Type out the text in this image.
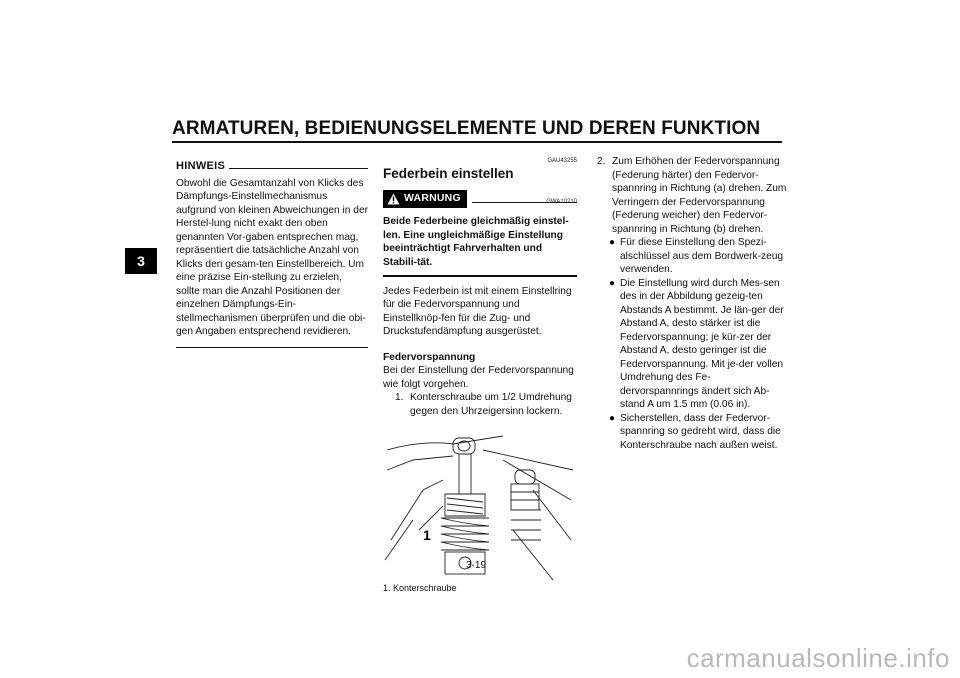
ARMATUREN, BEDIENUNGSELEMENTE UND DEREN FUNKTION
3
HINWEIS

Obwohl die Gesamtanzahl von Klicks des Dämpfungs-Einstellmechanismus aufgrund von kleinen Abweichungen in der Herstel-lung nicht exakt den oben genannten Vor-gaben entsprechen mag, repräsentiert die tatsächliche Anzahl von Klicks den gesam-ten Einstellbereich. Um eine präzise Ein-stellung zu erzielen, sollte man die Anzahl Positionen der einzelnen Dämpfungs-Ein-stellmechanismen überprüfen und die obi-gen Angaben entsprechend revidieren.

GAU43255
Federbein einstellen
WARNUNG	GWA10210

Beide Federbeine gleichmäßig einstel-len. Eine ungleichmäßige Einstellung beeinträchtigt Fahrverhalten und Stabili-tät.

Jedes Federbein ist mit einem Einstellring für die Federvorspannung und Einstellknöp-fen für die Zug- und Druckstufendämpfung ausgerüstet.

Federvorspannung

Bei der Einstellung der Federvorspannung wie folgt vorgehen.

1. Konterschraube um 1/2 Umdrehung gegen den Uhrzeigersinn lockern.
1
1. Konterschraube
2. Zum Erhöhen der Federvorspannung (Federung härter) den Federvor-spannring in Richtung (a) drehen. Zum Verringern der Federvorspannung (Federung weicher) den Federvor-spannring in Richtung (b) drehen.
● Für diese Einstellung den Spezi-alschlüssel aus dem Bordwerk-zeug verwenden.
● Die Einstellung wird durch Mes-sen des in der Abbildung gezeig-ten Abstands A bestimmt. Je län-ger der Abstand A, desto stärker ist die Federvorspannung; je kür-zer der Abstand A, desto geringer ist die Federvorspannung. Mit je-der vollen Umdrehung des Fe-dervorspannrings ändert sich Ab-stand A um 1.5 mm (0.06 in).
● Sicherstellen, dass der Federvor-spannring so gedreht wird, dass die Konterschraube nach außen weist.
3-19
carmanualsonline.info
